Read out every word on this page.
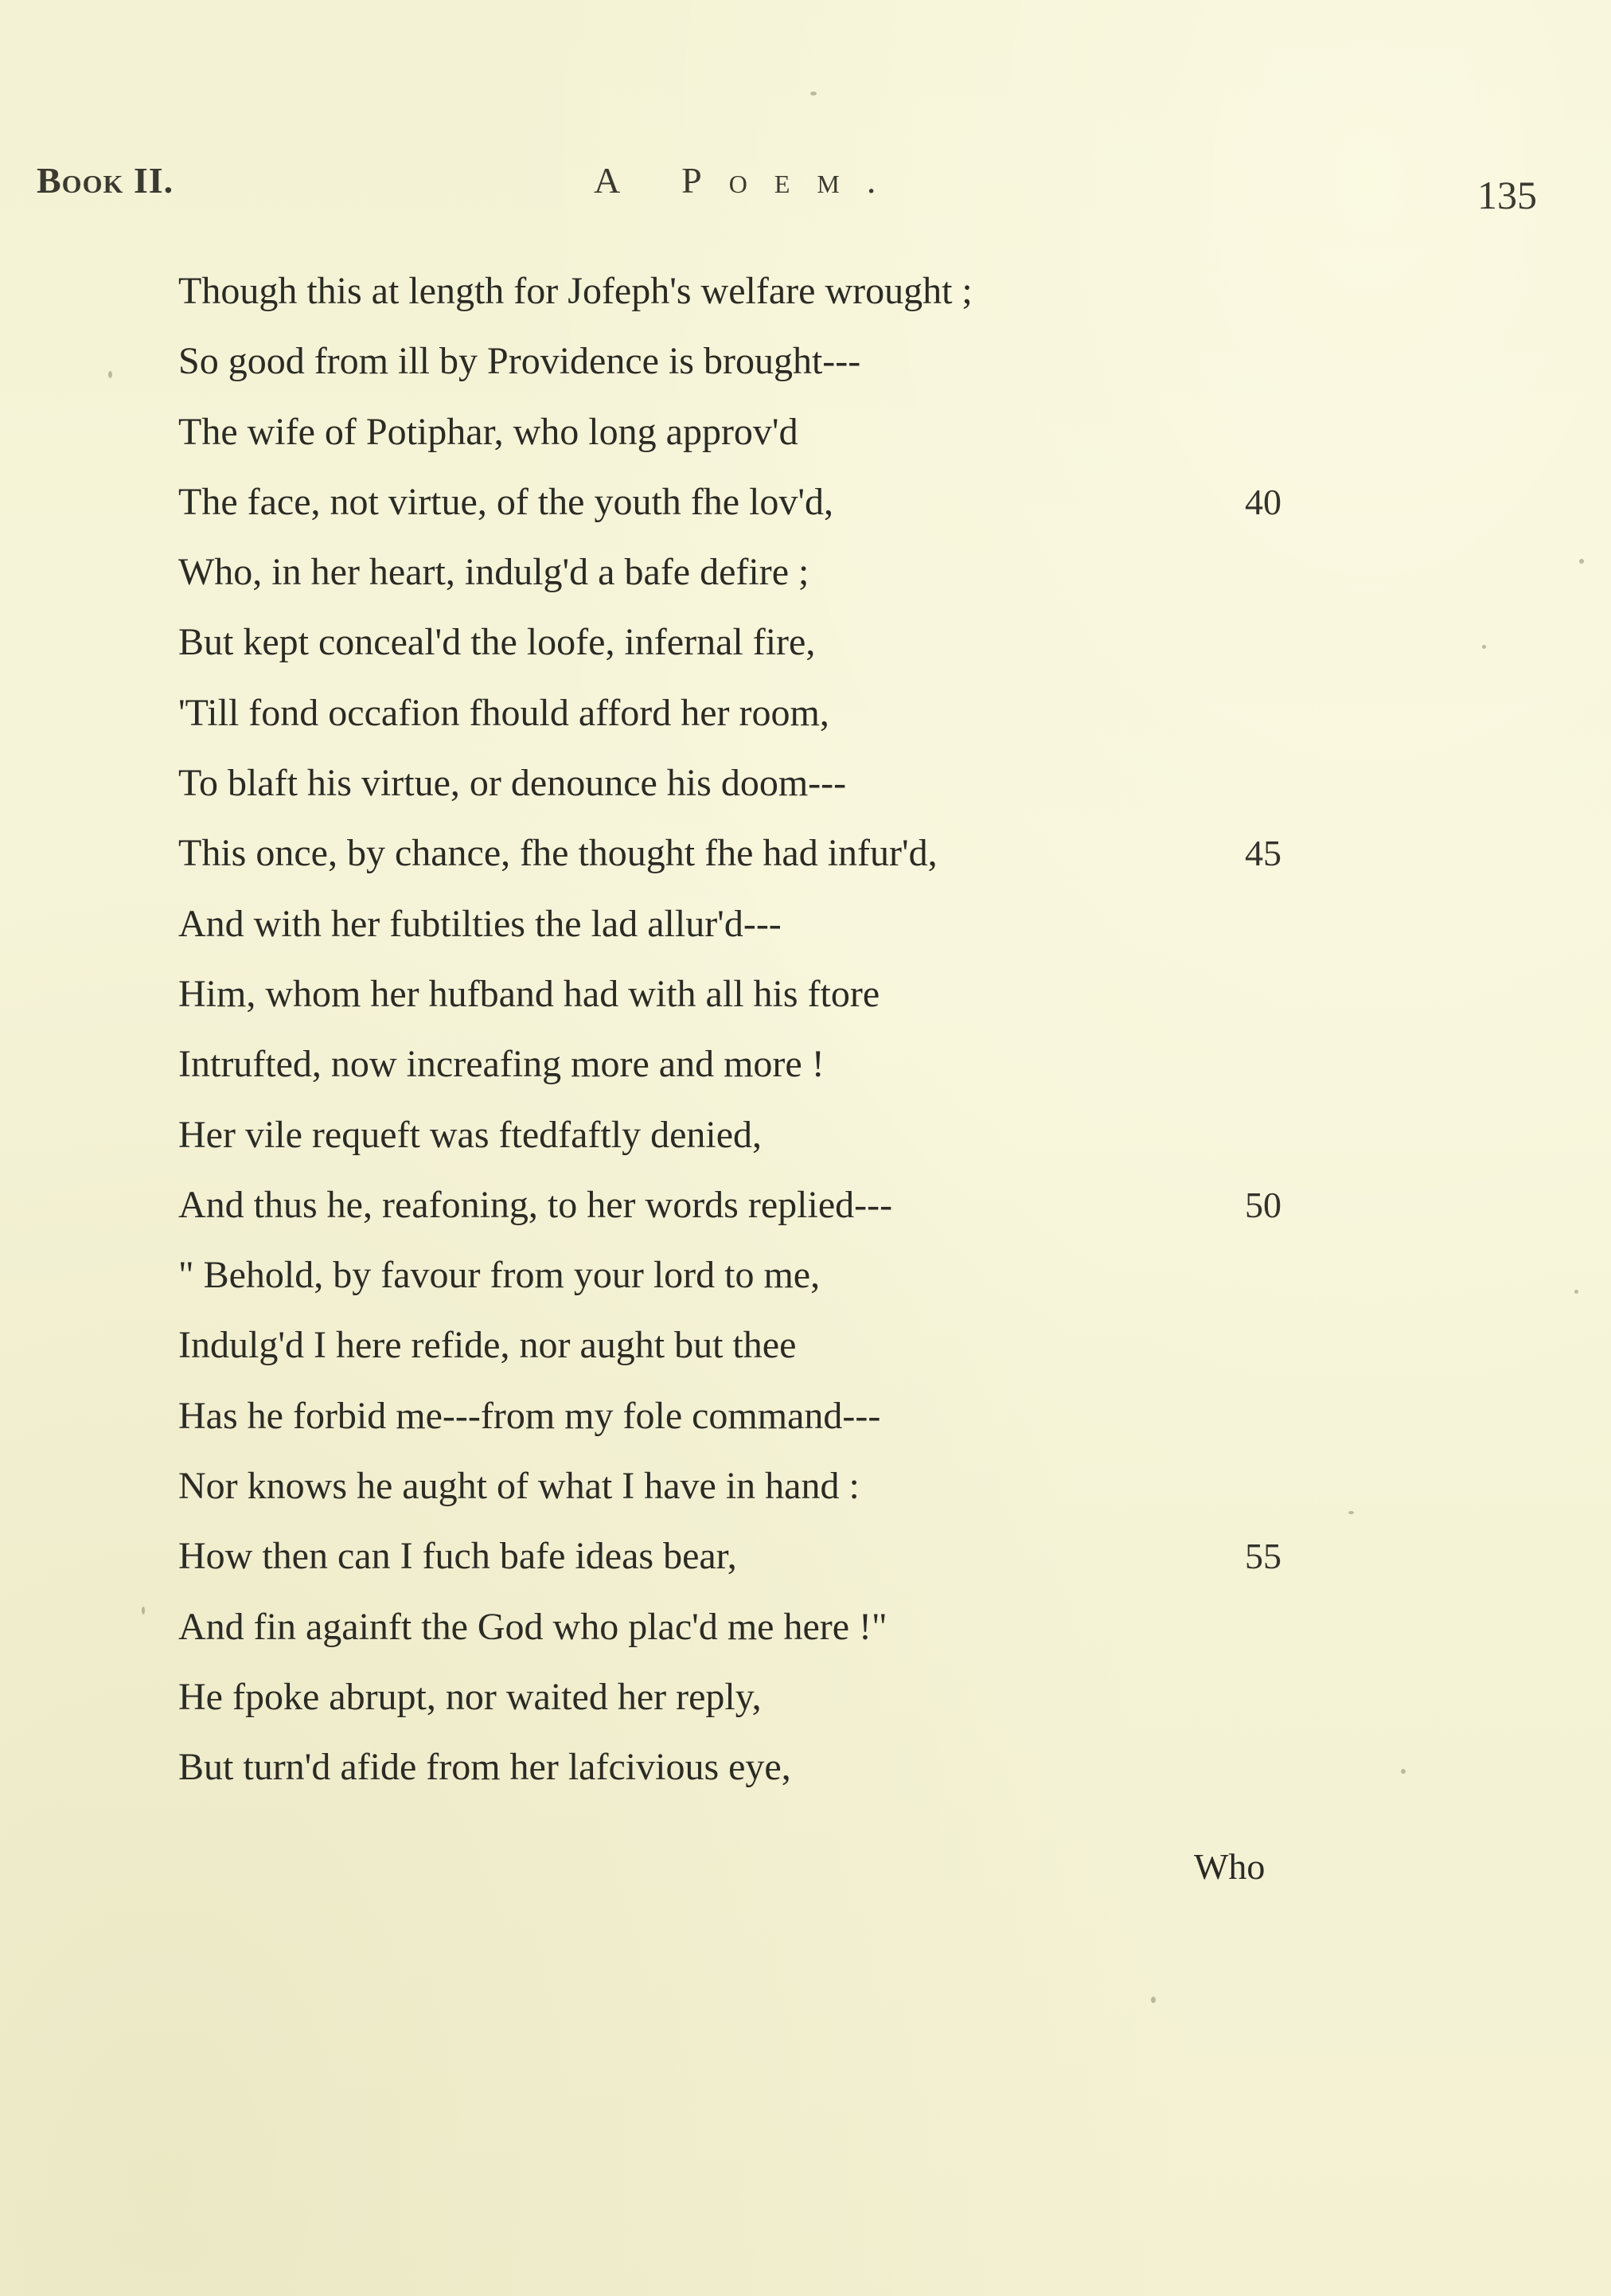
Book II.	A Poem.	135
Though this at length for Jofeph's welfare wrought ;
So good from ill by Providence is brought---
The wife of Potiphar, who long approv'd
The face, not virtue, of the youth fhe lov'd,	40
Who, in her heart, indulg'd a bafe defire ;
But kept conceal'd the loofe, infernal fire,
'Till fond occafion fhould afford her room,
To blaft his virtue, or denounce his doom---
This once, by chance, fhe thought fhe had infur'd,	45
And with her fubtilties the lad allur'd---
Him, whom her hufband had with all his ftore
Intrufted, now increafing more and more !
Her vile requeft was ftedfaftly denied,
And thus he, reafoning, to her words replied---	50
" Behold, by favour from your lord to me,
Indulg'd I here refide, nor aught but thee
Has he forbid me---from my fole command---
Nor knows he aught of what I have in hand :
How then can I fuch bafe ideas bear,	55
And fin againft the God who plac'd me here !"
He fpoke abrupt, nor waited her reply,
But turn'd afide from her lafcivious eye,
Who
